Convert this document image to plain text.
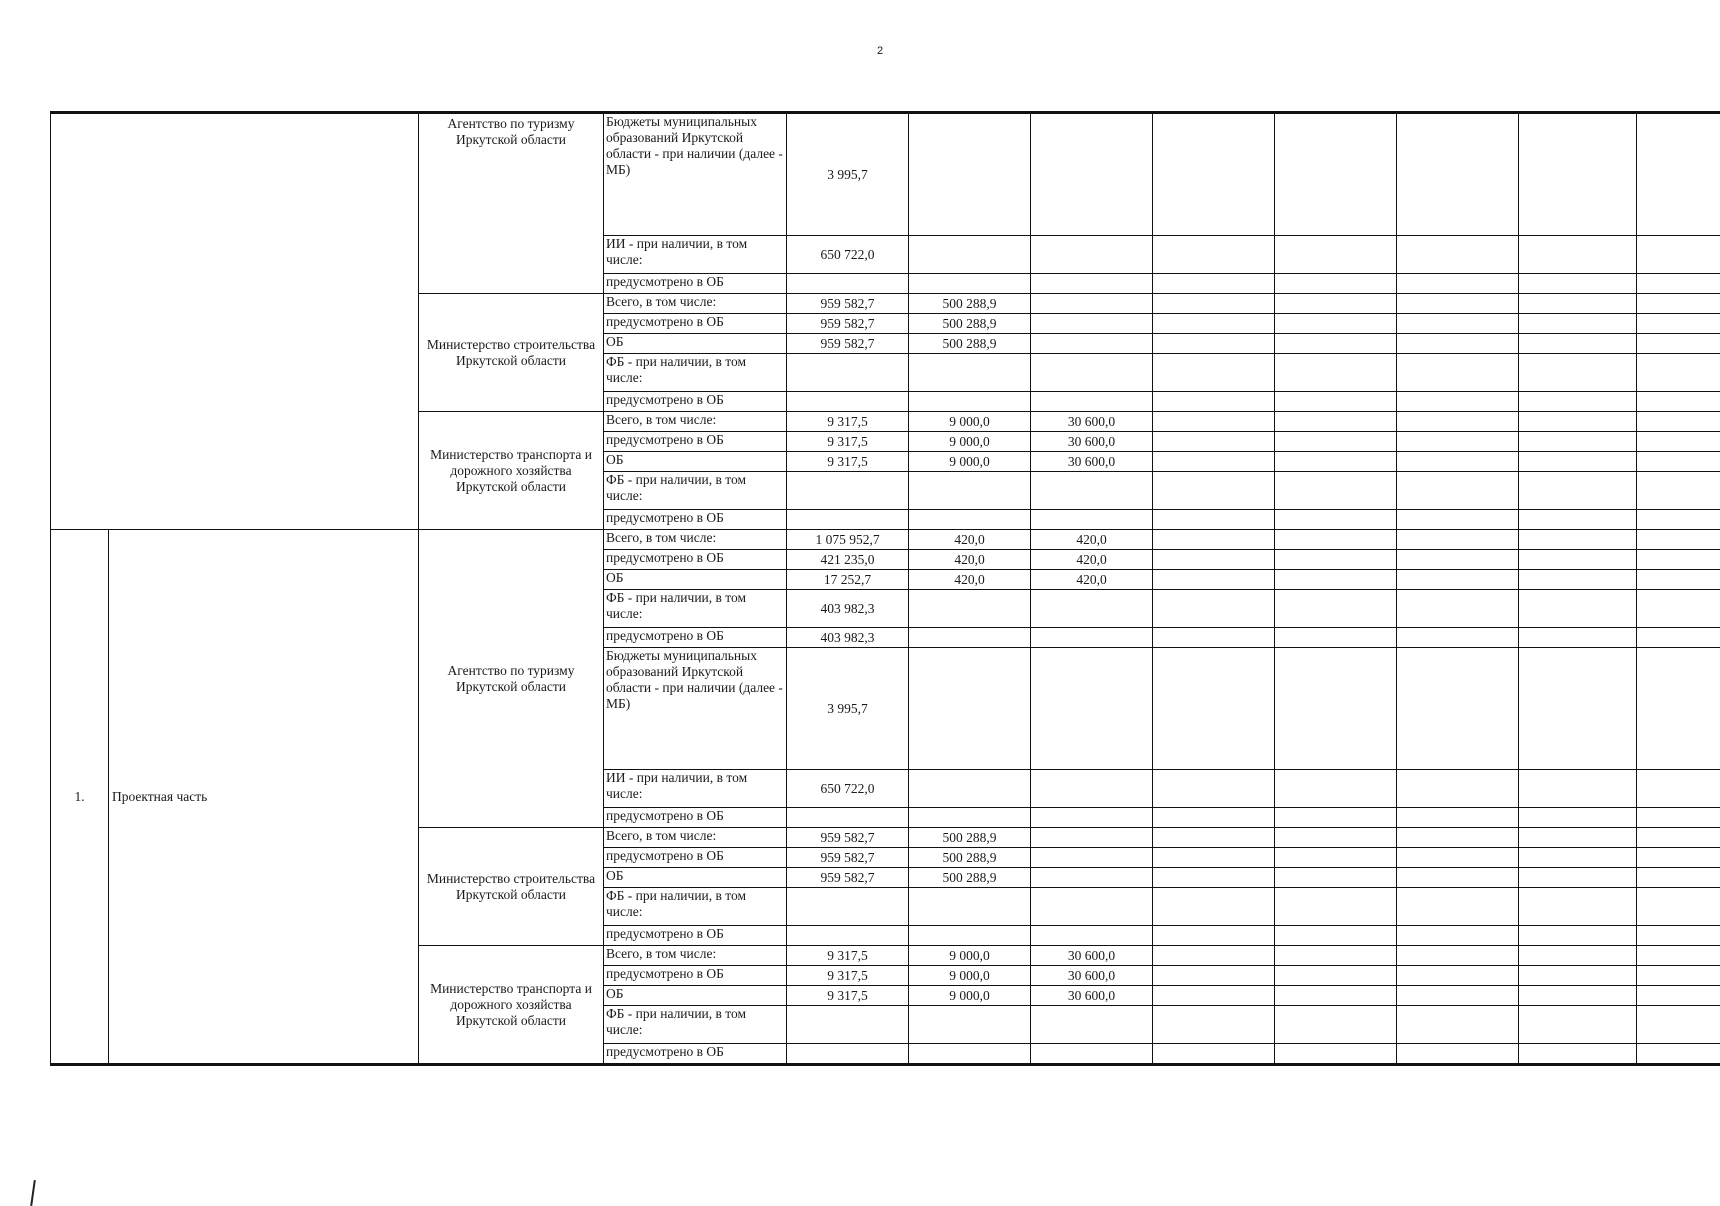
2
		Агентство по туризму Иркутской области	Бюджеты муниципальных образований Иркутской области - при наличии (далее - МБ)	3 995,7							
			ИИ - при наличии, в том числе:	650 722,0							
			предусмотрено в ОБ								
		Министерство строительства Иркутской области	Всего, в том числе:	959 582,7	500 288,9						
			предусмотрено в ОБ	959 582,7	500 288,9						
			ОБ	959 582,7	500 288,9						
			ФБ - при наличии, в том числе:								
			предусмотрено в ОБ								
		Министерство транспорта и дорожного хозяйства Иркутской области	Всего, в том числе:	9 317,5	9 000,0	30 600,0					
			предусмотрено в ОБ	9 317,5	9 000,0	30 600,0					
			ОБ	9 317,5	9 000,0	30 600,0					
			ФБ - при наличии, в том числе:								
			предусмотрено в ОБ								
1.	Проектная часть	Агентство по туризму Иркутской области	Всего, в том числе:	1 075 952,7	420,0	420,0					
			предусмотрено в ОБ	421 235,0	420,0	420,0					
			ОБ	17 252,7	420,0	420,0					
			ФБ - при наличии, в том числе:	403 982,3							
			предусмотрено в ОБ	403 982,3							
			Бюджеты муниципальных образований Иркутской области - при наличии (далее - МБ)	3 995,7							
			ИИ - при наличии, в том числе:	650 722,0							
			предусмотрено в ОБ								
		Министерство строительства Иркутской области	Всего, в том числе:	959 582,7	500 288,9						
			предусмотрено в ОБ	959 582,7	500 288,9						
			ОБ	959 582,7	500 288,9						
			ФБ - при наличии, в том числе:								
			предусмотрено в ОБ								
		Министерство транспорта и дорожного хозяйства Иркутской области	Всего, в том числе:	9 317,5	9 000,0	30 600,0					
			предусмотрено в ОБ	9 317,5	9 000,0	30 600,0					
			ОБ	9 317,5	9 000,0	30 600,0					
			ФБ - при наличии, в том числе:								
			предусмотрено в ОБ								
